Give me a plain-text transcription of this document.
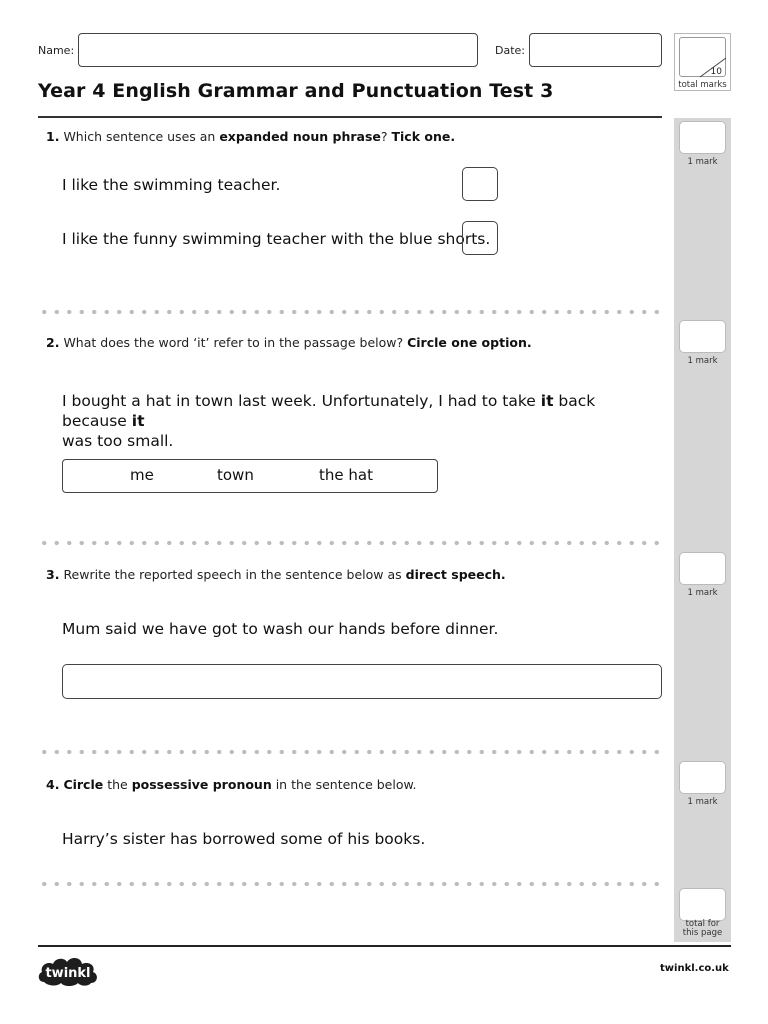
Name:	Date:
Year 4 English Grammar and Punctuation Test 3
10
total marks
1 mark
1 mark
1 mark
1 mark
total for
this page
1. Which sentence uses an expanded noun phrase? Tick one.
I like the swimming teacher.
I like the funny swimming teacher with the blue shorts.
2. What does the word ‘it’ refer to in the passage below? Circle one option.
I bought a hat in town last week. Unfortunately, I had to take it back because it
was too small.
me	town	the hat
3. Rewrite the reported speech in the sentence below as direct speech.
Mum said we have got to wash our hands before dinner.
4. Circle the possessive pronoun in the sentence below.
Harry’s sister has borrowed some of his books.
twinkl	twinkl.co.uk
